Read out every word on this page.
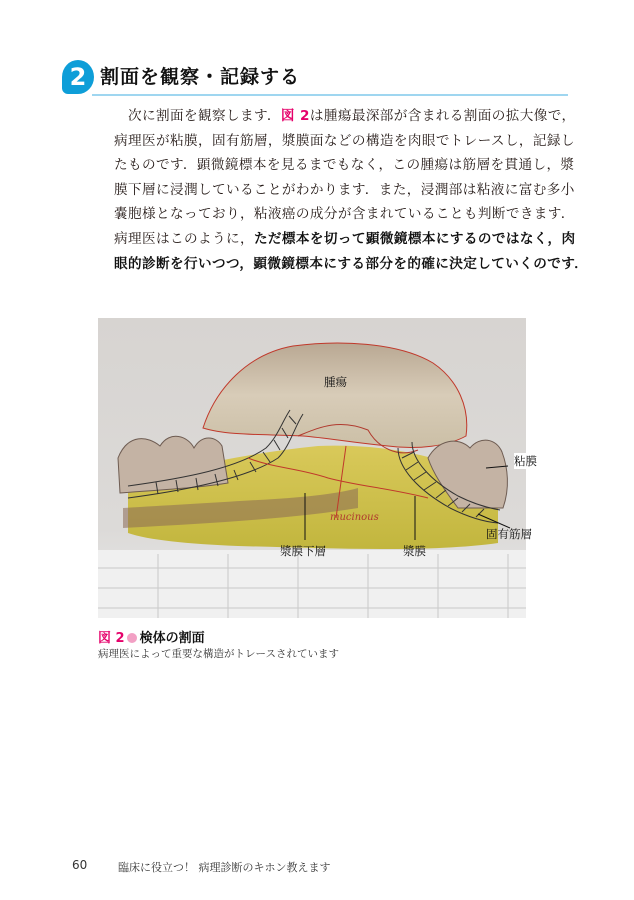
2 割面を観察・記録する
次に割面を観察します．図 2は腫瘍最深部が含まれる割面の拡大像で，
病理医が粘膜，固有筋層，漿膜面などの構造を肉眼でトレースし，記録し
たものです．顕微鏡標本を見るまでもなく，この腫瘍は筋層を貫通し，漿
膜下層に浸潤していることがわかります．また，浸潤部は粘液に富む多小
嚢胞様となっており，粘液癌の成分が含まれていることも判断できます．
病理医はこのように，ただ標本を切って顕微鏡標本にするのではなく，肉
眼的診断を行いつつ，顕微鏡標本にする部分を的確に決定していくのです．
腫瘍
粘膜
固有筋層
漿膜下層	漿膜
mucinous
図 2 検体の割面
病理医によって重要な構造がトレースされています
60	臨床に役立つ！ 病理診断のキホン教えます
